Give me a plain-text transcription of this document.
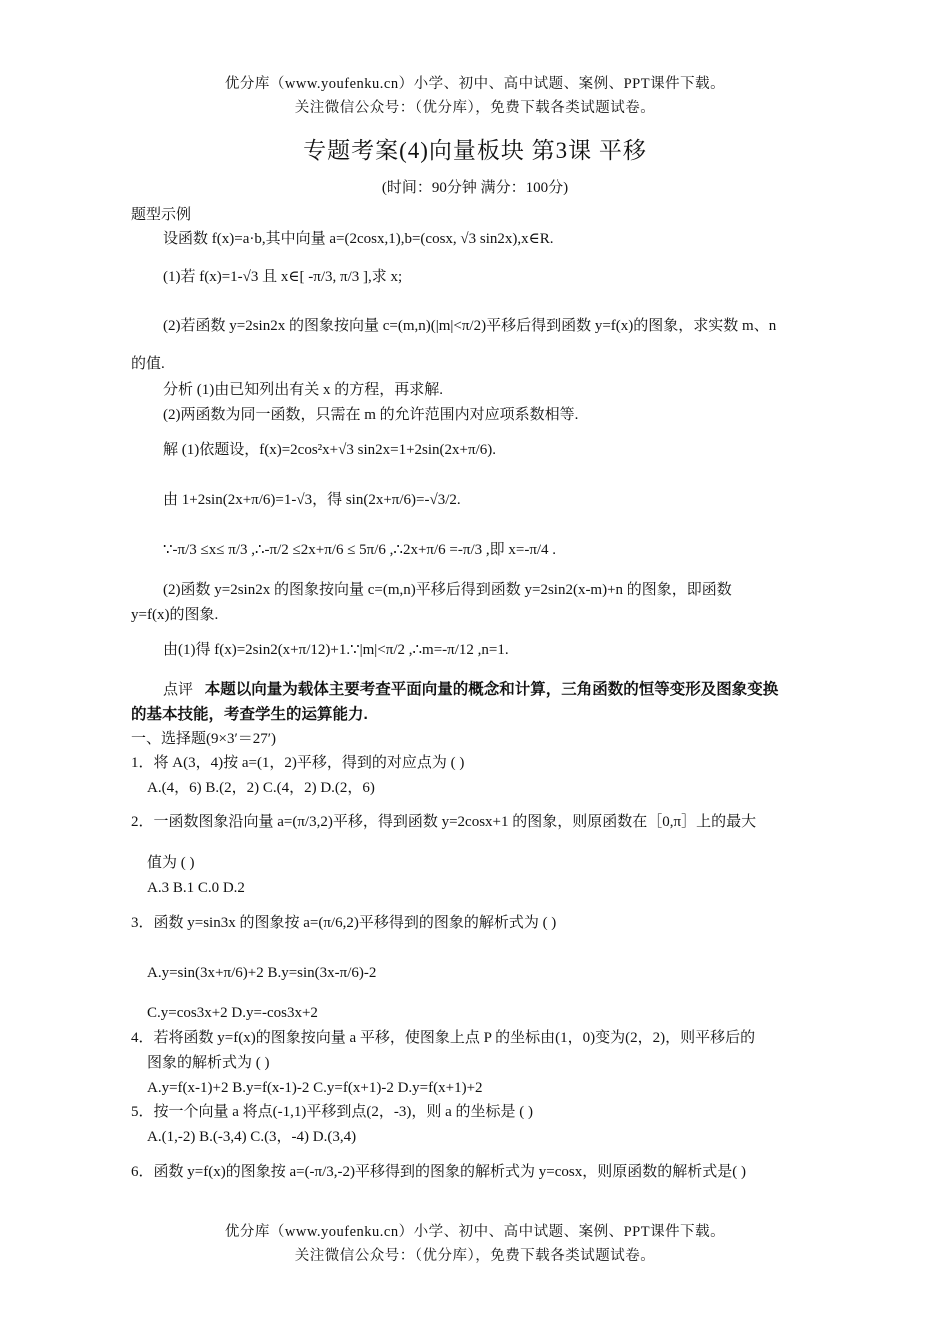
优分库（www.youfenku.cn）小学、初中、高中试题、案例、PPT课件下载。
关注微信公众号：（优分库），免费下载各类试题试卷。
专题考案(4)向量板块 第3课 平移
(时间：90分钟 满分：100分)
题型示例
设函数 f(x)=a·b,其中向量 a=(2cosx,1),b=(cosx, √3 sin2x),x∈R.
(1)若 f(x)=1-√3 且 x∈[ -π/3, π/3 ],求 x;
(2)若函数 y=2sin2x 的图象按向量 c=(m,n)(|m|<π/2)平移后得到函数 y=f(x)的图象，求实数 m、n
的值.
分析 (1)由已知列出有关 x 的方程，再求解.
(2)两函数为同一函数，只需在 m 的允许范围内对应项系数相等.
解 (1)依题设，f(x)=2cos²x+√3 sin2x=1+2sin(2x+π/6).
由 1+2sin(2x+π/6)=1-√3，得 sin(2x+π/6)=-√3/2.
∵-π/3 ≤x≤ π/3 ,∴-π/2 ≤2x+π/6 ≤ 5π/6 ,∴2x+π/6 =-π/3 ,即 x=-π/4 .
(2)函数 y=2sin2x 的图象按向量 c=(m,n)平移后得到函数 y=2sin2(x-m)+n 的图象，即函数
y=f(x)的图象.
由(1)得 f(x)=2sin2(x+π/12)+1.∵|m|<π/2 ,∴m=-π/12 ,n=1.
点评 本题以向量为载体主要考查平面向量的概念和计算，三角函数的恒等变形及图象变换
的基本技能，考查学生的运算能力.
一、选择题(9×3′＝27′)
1．将 A(3，4)按 a=(1，2)平移，得到的对应点为 ( )
A.(4，6) B.(2，2) C.(4，2) D.(2，6)
2．一函数图象沿向量 a=(π/3,2)平移，得到函数 y=2cosx+1 的图象，则原函数在［0,π］上的最大
值为 ( )
A.3 B.1 C.0 D.2
3．函数 y=sin3x 的图象按 a=(π/6,2)平移得到的图象的解析式为 ( )
A.y=sin(3x+π/6)+2 B.y=sin(3x-π/6)-2
C.y=cos3x+2 D.y=-cos3x+2
4．若将函数 y=f(x)的图象按向量 a 平移，使图象上点 P 的坐标由(1，0)变为(2，2)，则平移后的
图象的解析式为 ( )
A.y=f(x-1)+2 B.y=f(x-1)-2 C.y=f(x+1)-2 D.y=f(x+1)+2
5．按一个向量 a 将点(-1,1)平移到点(2，-3)，则 a 的坐标是 ( )
A.(1,-2) B.(-3,4) C.(3，-4) D.(3,4)
6．函数 y=f(x)的图象按 a=(-π/3,-2)平移得到的图象的解析式为 y=cosx，则原函数的解析式是( )
优分库（www.youfenku.cn）小学、初中、高中试题、案例、PPT课件下载。
关注微信公众号：（优分库），免费下载各类试题试卷。
